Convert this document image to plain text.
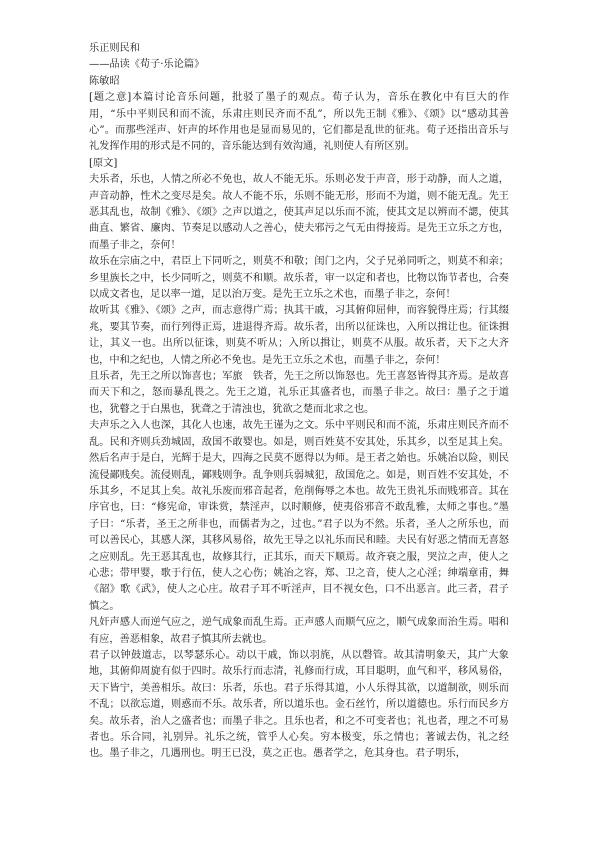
乐正则民和
——品读《荀子·乐论篇》
陈敏昭
[题之意]本篇讨论音乐问题，批驳了墨子的观点。荀子认为，音乐在教化中有巨大的作用，“乐中平则民和而不流，乐肃庄则民齐而不乱”，所以先王制《雅》、《颂》以“感动其善心”。而那些淫声、奸声的坏作用也是显而易见的，它们都是乱世的征兆。荀子还指出音乐与礼发挥作用的形式是不同的，音乐能达到有效沟通，礼则使人有所区别。
[原文]
夫乐者，乐也，人情之所必不免也，故人不能无乐。乐则必发于声音，形于动静，而人之道，声音动静，性术之变尽是矣。故人不能不乐，乐则不能无形，形而不为道，则不能无乱。先王恶其乱也，故制《雅》、《颂》之声以道之，使其声足以乐而不流，使其文足以辨而不諰，使其曲直、繁省、廉肉、节奏足以感动人之善心，使夫邪污之气无由得接焉。是先王立乐之方也，而墨子非之，奈何！
故乐在宗庙之中，君臣上下同听之，则莫不和敬；闺门之内，父子兄弟同听之，则莫不和亲；乡里族长之中，长少同听之，则莫不和顺。故乐者，审一以定和者也，比物以饰节者也，合奏以成文者也，足以率一道，足以治万变。是先王立乐之术也，而墨子非之，奈何！
故听其《雅》、《颂》之声，而志意得广焉；执其干戚，习其俯仰屈伸，而容貌得庄焉；行其缀兆，要其节奏，而行列得正焉，进退得齐焉。故乐者，出所以征诛也，入所以揖让也。征诛揖让，其义一也。出所以征诛，则莫不听从；入所以揖让，则莫不从服。故乐者，天下之大齐也，中和之纪也，人情之所必不免也。是先王立乐之术也，而墨子非之，奈何！
且乐者，先王之所以饰喜也；军旅　铁者，先王之所以饰怒也。先王喜怒皆得其齐焉。是故喜而天下和之，怒而暴乱畏之。先王之道，礼乐正其盛者也，而墨子非之。故曰：墨子之于道也，犹瞽之于白黑也，犹聋之于清浊也，犹欲之楚而北求之也。
夫声乐之入人也深，其化人也速，故先王谨为之文。乐中平则民和而不流，乐肃庄则民齐而不乱。民和齐则兵劲城固，敌国不敢婴也。如是，则百姓莫不安其处，乐其乡，以至足其上矣。然后名声于是白，光辉于是大，四海之民莫不愿得以为师。是王者之始也。乐姚冶以险，则民流侵鄙贱矣。流侵则乱，鄙贱则争。乱争则兵弱城犯，敌国危之。如是，则百姓不安其处，不乐其乡，不足其上矣。故礼乐废而邪音起者，危削侮辱之本也。故先王贵礼乐而贱邪音。其在序官也，曰：“修宪命，审诛赏，禁淫声，以时顺修，使夷俗邪音不敢乱雅，太师之事也。”墨子曰：“乐者，圣王之所非也，而儒者为之，过也。”君子以为不然。乐者，圣人之所乐也，而可以善民心，其感人深，其移风易俗，故先王导之以礼乐而民和睦。夫民有好恶之情而无喜怒之应则乱。先王恶其乱也，故修其行，正其乐，而天下顺焉。故齐衰之服，哭泣之声，使人之心悲；带甲婴，歌于行伍，使人之心伤；姚冶之容，郑、卫之音，使人之心淫；绅端章甫，舞《韶》歌《武》，使人之心庄。故君子耳不听淫声，目不视女色，口不出恶言。此三者，君子慎之。
凡奸声感人而逆气应之，逆气成象而乱生焉。正声感人而顺气应之，顺气成象而治生焉。唱和有应，善恶相象，故君子慎其所去就也。
君子以钟鼓道志，以琴瑟乐心。动以干戚，饰以羽旄，从以磬管。故其清明象天，其广大象地，其俯仰周旋有似于四时。故乐行而志清，礼修而行成，耳目聪明，血气和平，移风易俗，天下皆宁，美善相乐。故曰：乐者，乐也。君子乐得其道，小人乐得其欲，以道制欲，则乐而不乱；以欲忘道，则惑而不乐。故乐者，所以道乐也。金石丝竹，所以道德也。乐行而民乡方矣。故乐者，治人之盛者也；而墨子非之。且乐也者，和之不可变者也；礼也者，理之不可易者也。乐合同，礼别异。礼乐之统，管乎人心矣。穷本极变，乐之情也；著诚去伪，礼之经也。墨子非之，几遇刑也。明王已没，莫之正也。愚者学之，危其身也。君子明乐，
